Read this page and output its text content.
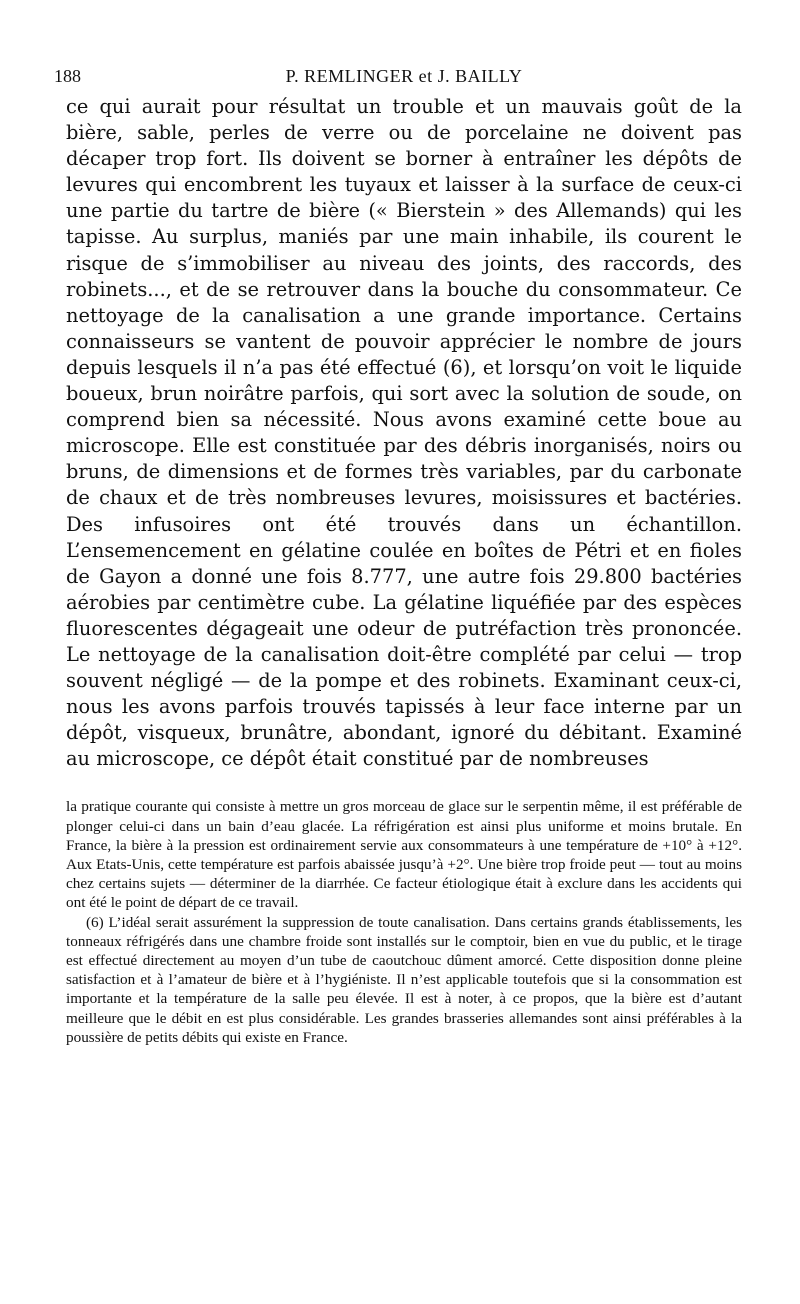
188	P. REMLINGER et J. BAILLY

ce qui aurait pour résultat un trouble et un mauvais goût de la bière, sable, perles de verre ou de porcelaine ne doivent pas décaper trop fort. Ils doivent se borner à entraîner les dépôts de levures qui encombrent les tuyaux et laisser à la surface de ceux-ci une partie du tartre de bière (« Bierstein » des Allemands) qui les tapisse. Au surplus, maniés par une main inhabile, ils courent le risque de s’immobiliser au niveau des joints, des raccords, des robinets..., et de se retrouver dans la bouche du consommateur. Ce nettoyage de la canalisation a une grande importance. Certains connaisseurs se vantent de pouvoir apprécier le nombre de jours depuis lesquels il n’a pas été effectué (6), et lorsqu’on voit le liquide boueux, brun noirâtre parfois, qui sort avec la solution de soude, on comprend bien sa nécessité. Nous avons examiné cette boue au microscope. Elle est constituée par des débris inorganisés, noirs ou bruns, de dimensions et de formes très variables, par du carbonate de chaux et de très nombreuses levures, moisissures et bactéries. Des infusoires ont été trouvés dans un échantillon. L’ensemencement en gélatine coulée en boîtes de Pétri et en fioles de Gayon a donné une fois 8.777, une autre fois 29.800 bactéries aérobies par centimètre cube. La gélatine liquéfiée par des espèces fluorescentes dégageait une odeur de putréfaction très prononcée. Le nettoyage de la canalisation doit-être complété par celui — trop souvent négligé — de la pompe et des robinets. Examinant ceux-ci, nous les avons parfois trouvés tapissés à leur face interne par un dépôt, visqueux, brunâtre, abondant, ignoré du débitant. Examiné au microscope, ce dépôt était constitué par de nombreuses

la pratique courante qui consiste à mettre un gros morceau de glace sur le serpentin même, il est préférable de plonger celui-ci dans un bain d’eau glacée. La réfrigération est ainsi plus uniforme et moins brutale. En France, la bière à la pression est ordinairement servie aux consommateurs à une température de +10° à +12°. Aux Etats-Unis, cette température est parfois abaissée jusqu’à +2°. Une bière trop froide peut — tout au moins chez certains sujets — déterminer de la diarrhée. Ce facteur étiologique était à exclure dans les accidents qui ont été le point de départ de ce travail.

(6) L’idéal serait assurément la suppression de toute canalisation. Dans certains grands établissements, les tonneaux réfrigérés dans une chambre froide sont installés sur le comptoir, bien en vue du public, et le tirage est effectué directement au moyen d’un tube de caoutchouc dûment amorcé. Cette disposition donne pleine satisfaction et à l’amateur de bière et à l’hygiéniste. Il n’est applicable toutefois que si la consommation est importante et la température de la salle peu élevée. Il est à noter, à ce propos, que la bière est d’autant meilleure que le débit en est plus considérable. Les grandes brasseries allemandes sont ainsi préférables à la poussière de petits débits qui existe en France.
